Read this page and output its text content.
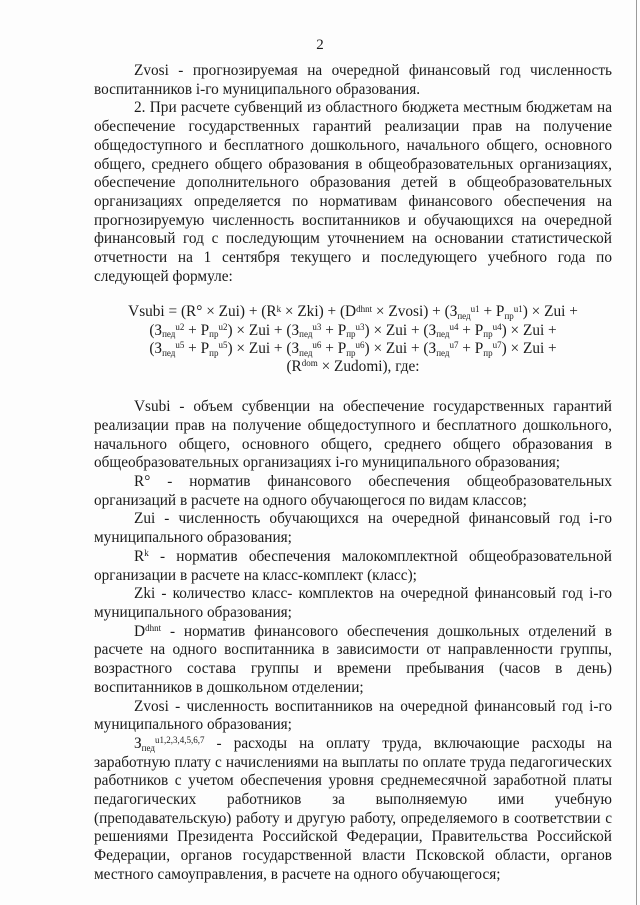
2

Zvosi - прогнозируемая на очередной финансовый год численность воспитанников i-го муниципального образования.

2. При расчете субвенций из областного бюджета местным бюджетам на обеспечение государственных гарантий реализации прав на получение общедоступного и бесплатного дошкольного, начального общего, основного общего, среднего общего образования в общеобразовательных организациях, обеспечение дополнительного образования детей в общеобразовательных организациях определяется по нормативам финансового обеспечения на прогнозируемую численность воспитанников и обучающихся на очередной финансовый год с последующим уточнением на основании статистической отчетности на 1 сентября текущего и последующего учебного года по следующей формуле:

Vsubi = $(R^\circ \times Zui) + (R^k \times Zki) + (D^{dhnt}$ × Zvosi) + $(З_{пед}^{u1} + Р_{пр}^{u1})$ × Zui +
$(З_{пед}^{u2} + Р_{пр}^{u2})$ × Zui + $(З_{пед}^{u3} + Р_{пр}^{u3})$ × Zui + $(З_{пед}^{u4} + Р_{пр}^{u4})$ × Zui +
$(З_{пед}^{u5} + Р_{пр}^{u5})$ × Zui + $(З_{пед}^{u6} + Р_{пр}^{u6})$ × Zui + $(З_{пед}^{u7} + Р_{пр}^{u7})$ × Zui +
($R^{dom}$ × Zudomi), где:

Vsubi - объем субвенции на обеспечение государственных гарантий реализации прав на получение общедоступного и бесплатного дошкольного, начального общего, основного общего, среднего общего образования в общеобразовательных организациях i-го муниципального образования;

R° - норматив финансового обеспечения общеобразовательных организаций в расчете на одного обучающегося по видам классов;

Zui - численность обучающихся на очередной финансовый год i-го муниципального образования;

$R^k$ - норматив обеспечения малокомплектной общеобразовательной организации в расчете на класс-комплект (класс);

Zki - количество класс- комплектов на очередной финансовый год i-го муниципального образования;

$D^{dhnt}$ - норматив финансового обеспечения дошкольных отделений в расчете на одного воспитанника в зависимости от направленности группы, возрастного состава группы и времени пребывания (часов в день) воспитанников в дошкольном отделении;

Zvosi - численность воспитанников на очередной финансовый год i-го муниципального образования;

$З_{пед}^{u1,2,3,4,5,6,7}$ - расходы на оплату труда, включающие расходы на заработную плату с начислениями на выплаты по оплате труда педагогических работников с учетом обеспечения уровня среднемесячной заработной платы педагогических работников за выполняемую ими учебную (преподавательскую) работу и другую работу, определяемого в соответствии с решениями Президента Российской Федерации, Правительства Российской Федерации, органов государственной власти Псковской области, органов местного самоуправления, в расчете на одного обучающегося;
